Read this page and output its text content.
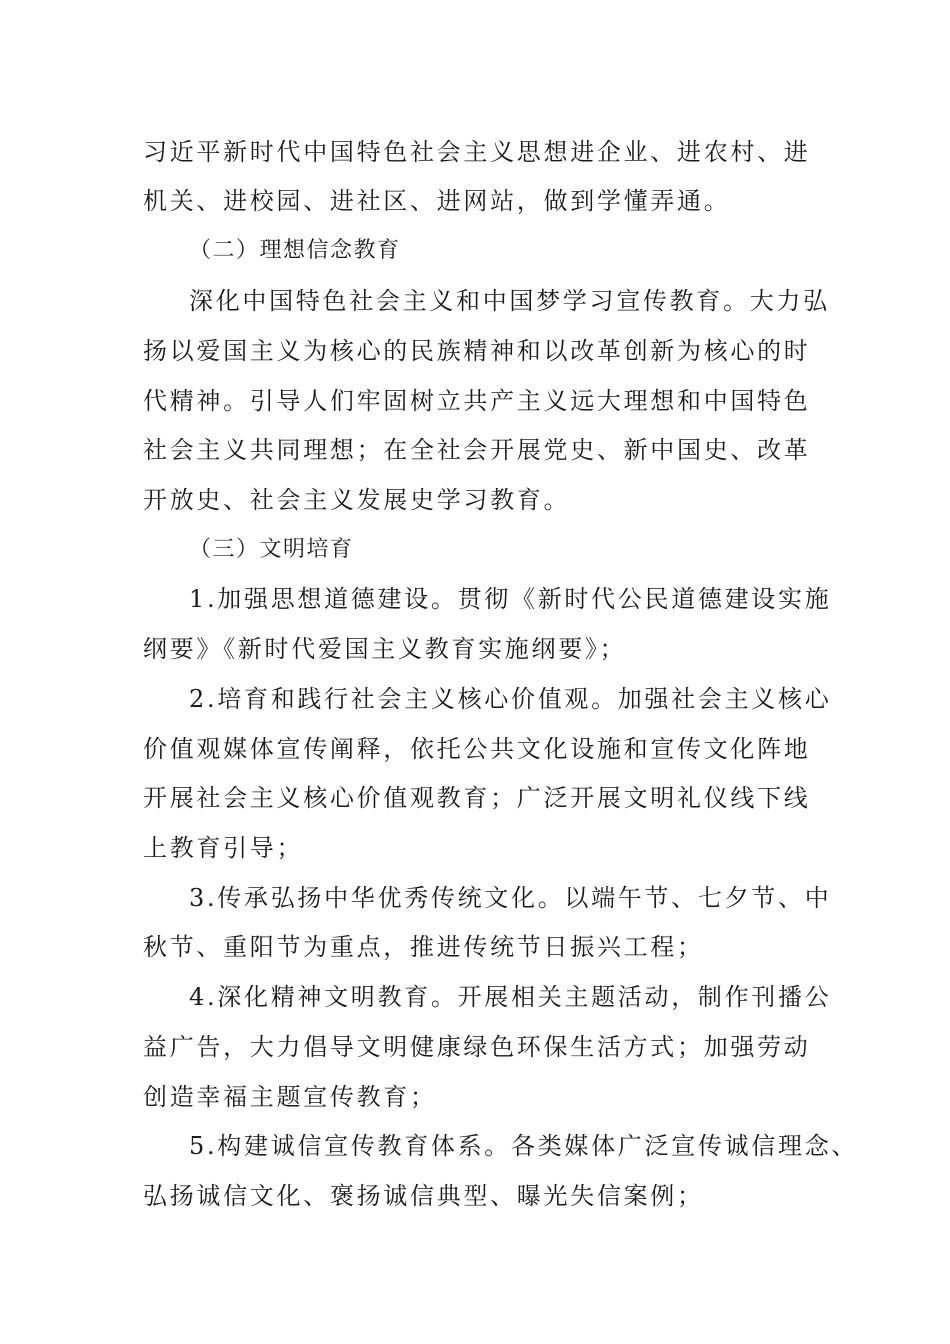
习近平新时代中国特色社会主义思想进企业、进农村、进
机关、进校园、进社区、进网站，做到学懂弄通。
（二）理想信念教育
深化中国特色社会主义和中国梦学习宣传教育。大力弘
扬以爱国主义为核心的民族精神和以改革创新为核心的时
代精神。引导人们牢固树立共产主义远大理想和中国特色
社会主义共同理想；在全社会开展党史、新中国史、改革
开放史、社会主义发展史学习教育。
（三）文明培育
1.加强思想道德建设。贯彻《新时代公民道德建设实施
纲要》《新时代爱国主义教育实施纲要》；
2.培育和践行社会主义核心价值观。加强社会主义核心
价值观媒体宣传阐释，依托公共文化设施和宣传文化阵地
开展社会主义核心价值观教育；广泛开展文明礼仪线下线
上教育引导；
3.传承弘扬中华优秀传统文化。以端午节、七夕节、中
秋节、重阳节为重点，推进传统节日振兴工程；
4.深化精神文明教育。开展相关主题活动，制作刊播公
益广告，大力倡导文明健康绿色环保生活方式；加强劳动
创造幸福主题宣传教育；
5.构建诚信宣传教育体系。各类媒体广泛宣传诚信理念、
弘扬诚信文化、褒扬诚信典型、曝光失信案例；
